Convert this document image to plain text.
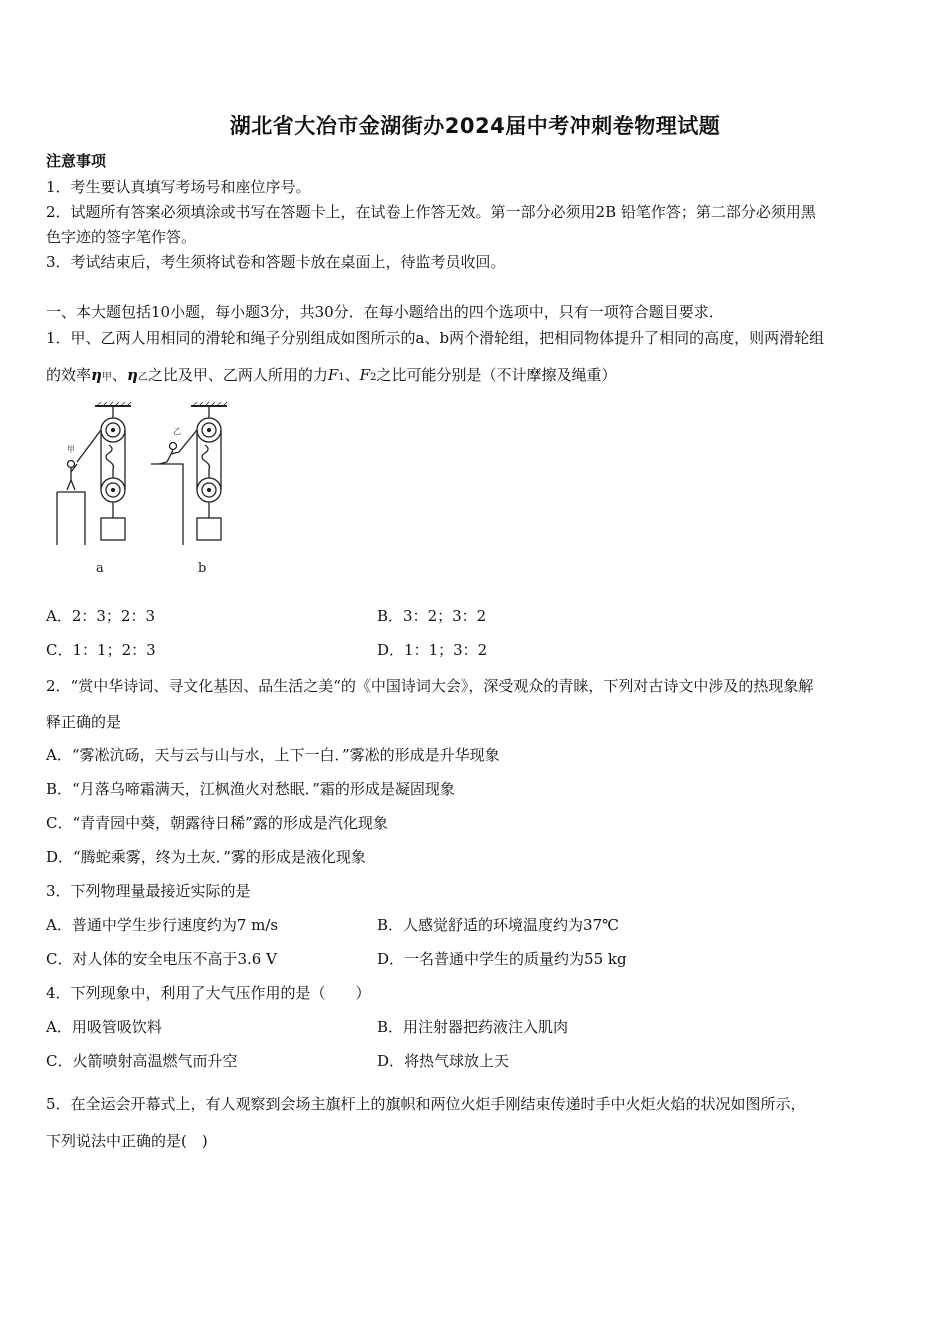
湖北省大冶市金湖街办2024届中考冲刺卷物理试题
注意事项
1．考生要认真填写考场号和座位序号。
2．试题所有答案必须填涂或书写在答题卡上，在试卷上作答无效。第一部分必须用2B 铅笔作答；第二部分必须用黑
色字迹的签字笔作答。
3．考试结束后，考生须将试卷和答题卡放在桌面上，待监考员收回。
一、本大题包括10小题，每小题3分，共30分．在每小题给出的四个选项中，只有一项符合题目要求．
1．甲、乙两人用相同的滑轮和绳子分别组成如图所示的a、b两个滑轮组，把相同物体提升了相同的高度，则两滑轮组
的效率η甲、η乙之比及甲、乙两人所用的力F1、F2之比可能分别是（不计摩擦及绳重）
甲
a
乙
b
A．2：3；2：3	B．3：2；3：2
C．1：1；2：3	D．1：1；3：2
2．“赏中华诗词、寻文化基因、品生活之美“的《中国诗词大会》，深受观众的青睐，下列对古诗文中涉及的热现象解
释正确的是
A．“雾凇沆砀，天与云与山与水，上下一白．”雾凇的形成是升华现象
B．“月落乌啼霜满天，江枫渔火对愁眠．”霜的形成是凝固现象
C．“青青园中葵，朝露待日稀”露的形成是汽化现象
D．“腾蛇乘雾，终为土灰．”雾的形成是液化现象
3．下列物理量最接近实际的是
A．普通中学生步行速度约为7 m/s	B．人感觉舒适的环境温度约为37℃
C．对人体的安全电压不高于3.6 V	D．一名普通中学生的质量约为55 kg
4．下列现象中，利用了大气压作用的是（　　）
A．用吸管吸饮料	B．用注射器把药液注入肌肉
C．火箭喷射高温燃气而升空	D．将热气球放上天
5．在全运会开幕式上，有人观察到会场主旗杆上的旗帜和两位火炬手刚结束传递时手中火炬火焰的状况如图所示，
下列说法中正确的是(　)
